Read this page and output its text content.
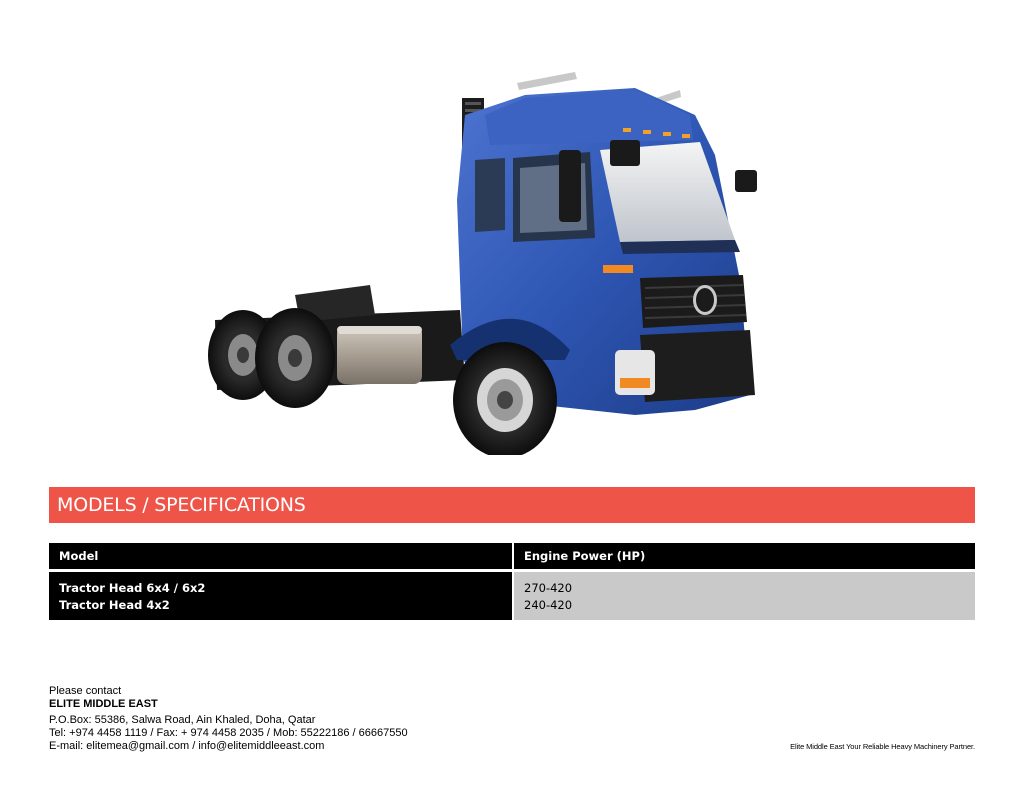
MODELS / SPECIFICATIONS
Model	Engine Power (HP)
Tractor Head 6x4 / 6x2
Tractor Head 4x2
270-420
240-420
Please contact
ELITE MIDDLE EAST
P.O.Box: 55386, Salwa Road, Ain Khaled, Doha, Qatar
Tel: +974 4458 1119 / Fax: + 974 4458 2035 / Mob: 55222186 / 66667550
E-mail: elitemea@gmail.com / info@elitemiddleeast.com	Elite Middle East Your Reliable Heavy Machinery Partner.
